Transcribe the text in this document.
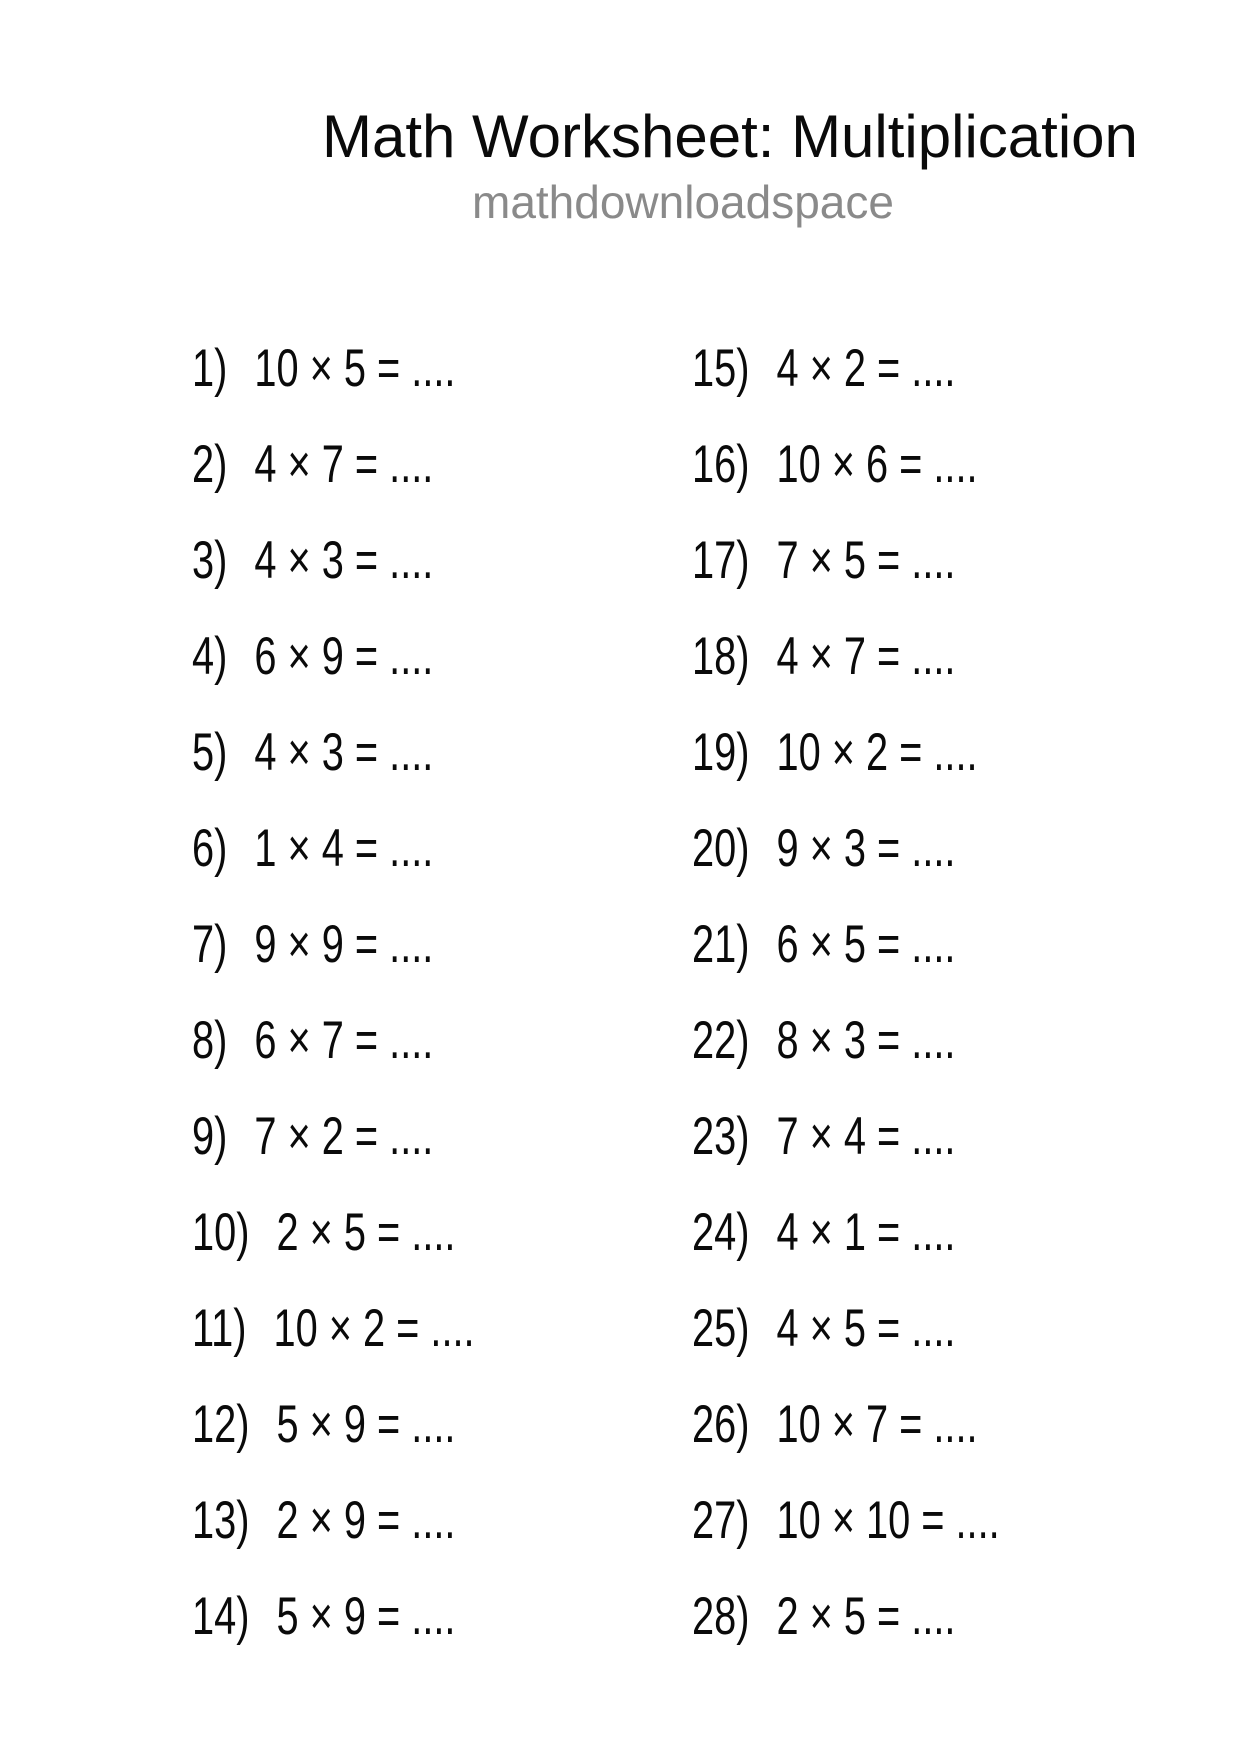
Math Worksheet: Multiplication
mathdownloadspace
1) 10 × 5 = ....
2) 4 × 7 = ....
3) 4 × 3 = ....
4) 6 × 9 = ....
5) 4 × 3 = ....
6) 1 × 4 = ....
7) 9 × 9 = ....
8) 6 × 7 = ....
9) 7 × 2 = ....
10) 2 × 5 = ....
11) 10 × 2 = ....
12) 5 × 9 = ....
13) 2 × 9 = ....
14) 5 × 9 = ....
15) 4 × 2 = ....
16) 10 × 6 = ....
17) 7 × 5 = ....
18) 4 × 7 = ....
19) 10 × 2 = ....
20) 9 × 3 = ....
21) 6 × 5 = ....
22) 8 × 3 = ....
23) 7 × 4 = ....
24) 4 × 1 = ....
25) 4 × 5 = ....
26) 10 × 7 = ....
27) 10 × 10 = ....
28) 2 × 5 = ....
